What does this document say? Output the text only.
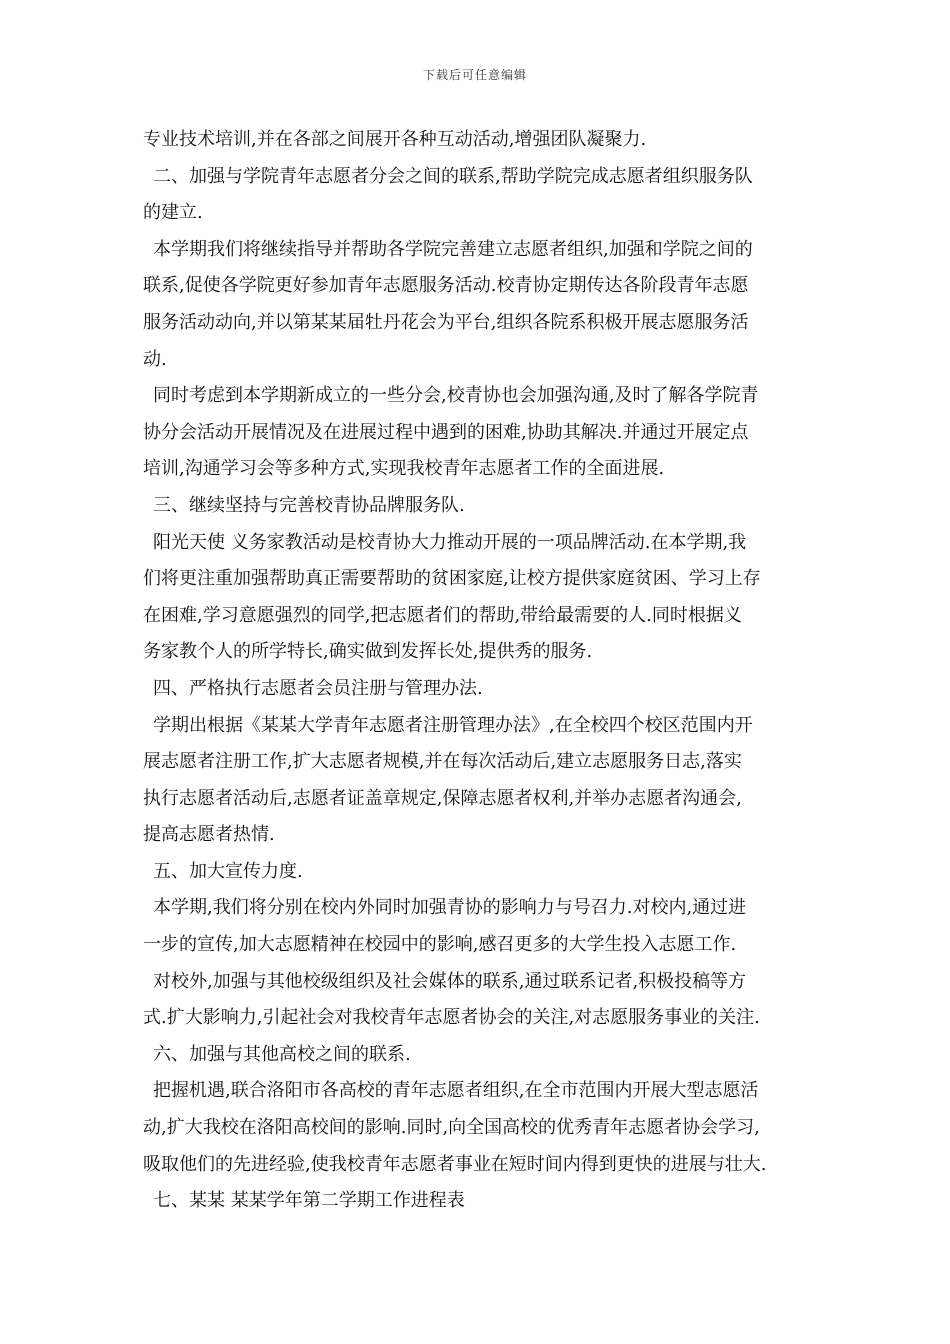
下载后可任意编辑
专业技术培训,并在各部之间展开各种互动活动,增强团队凝聚力.
二、加强与学院青年志愿者分会之间的联系,帮助学院完成志愿者组织服务队
的建立.
本学期我们将继续指导并帮助各学院完善建立志愿者组织,加强和学院之间的
联系,促使各学院更好参加青年志愿服务活动.校青协定期传达各阶段青年志愿
服务活动动向,并以第某某届牡丹花会为平台,组织各院系积极开展志愿服务活
动.
同时考虑到本学期新成立的一些分会,校青协也会加强沟通,及时了解各学院青
协分会活动开展情况及在进展过程中遇到的困难,协助其解决.并通过开展定点
培训,沟通学习会等多种方式,实现我校青年志愿者工作的全面进展.
三、继续坚持与完善校青协品牌服务队.
阳光天使 义务家教活动是校青协大力推动开展的一项品牌活动.在本学期,我
们将更注重加强帮助真正需要帮助的贫困家庭,让校方提供家庭贫困、学习上存
在困难,学习意愿强烈的同学,把志愿者们的帮助,带给最需要的人.同时根据义
务家教个人的所学特长,确实做到发挥长处,提供秀的服务.
四、严格执行志愿者会员注册与管理办法.
学期出根据《某某大学青年志愿者注册管理办法》,在全校四个校区范围内开
展志愿者注册工作,扩大志愿者规模,并在每次活动后,建立志愿服务日志,落实
执行志愿者活动后,志愿者证盖章规定,保障志愿者权利,并举办志愿者沟通会,
提高志愿者热情.
五、加大宣传力度.
本学期,我们将分别在校内外同时加强青协的影响力与号召力.对校内,通过进
一步的宣传,加大志愿精神在校园中的影响,感召更多的大学生投入志愿工作.
对校外,加强与其他校级组织及社会媒体的联系,通过联系记者,积极投稿等方
式.扩大影响力,引起社会对我校青年志愿者协会的关注,对志愿服务事业的关注.
六、加强与其他高校之间的联系.
把握机遇,联合洛阳市各高校的青年志愿者组织,在全市范围内开展大型志愿活
动,扩大我校在洛阳高校间的影响.同时,向全国高校的优秀青年志愿者协会学习,
吸取他们的先进经验,使我校青年志愿者事业在短时间内得到更快的进展与壮大.
七、某某 某某学年第二学期工作进程表
